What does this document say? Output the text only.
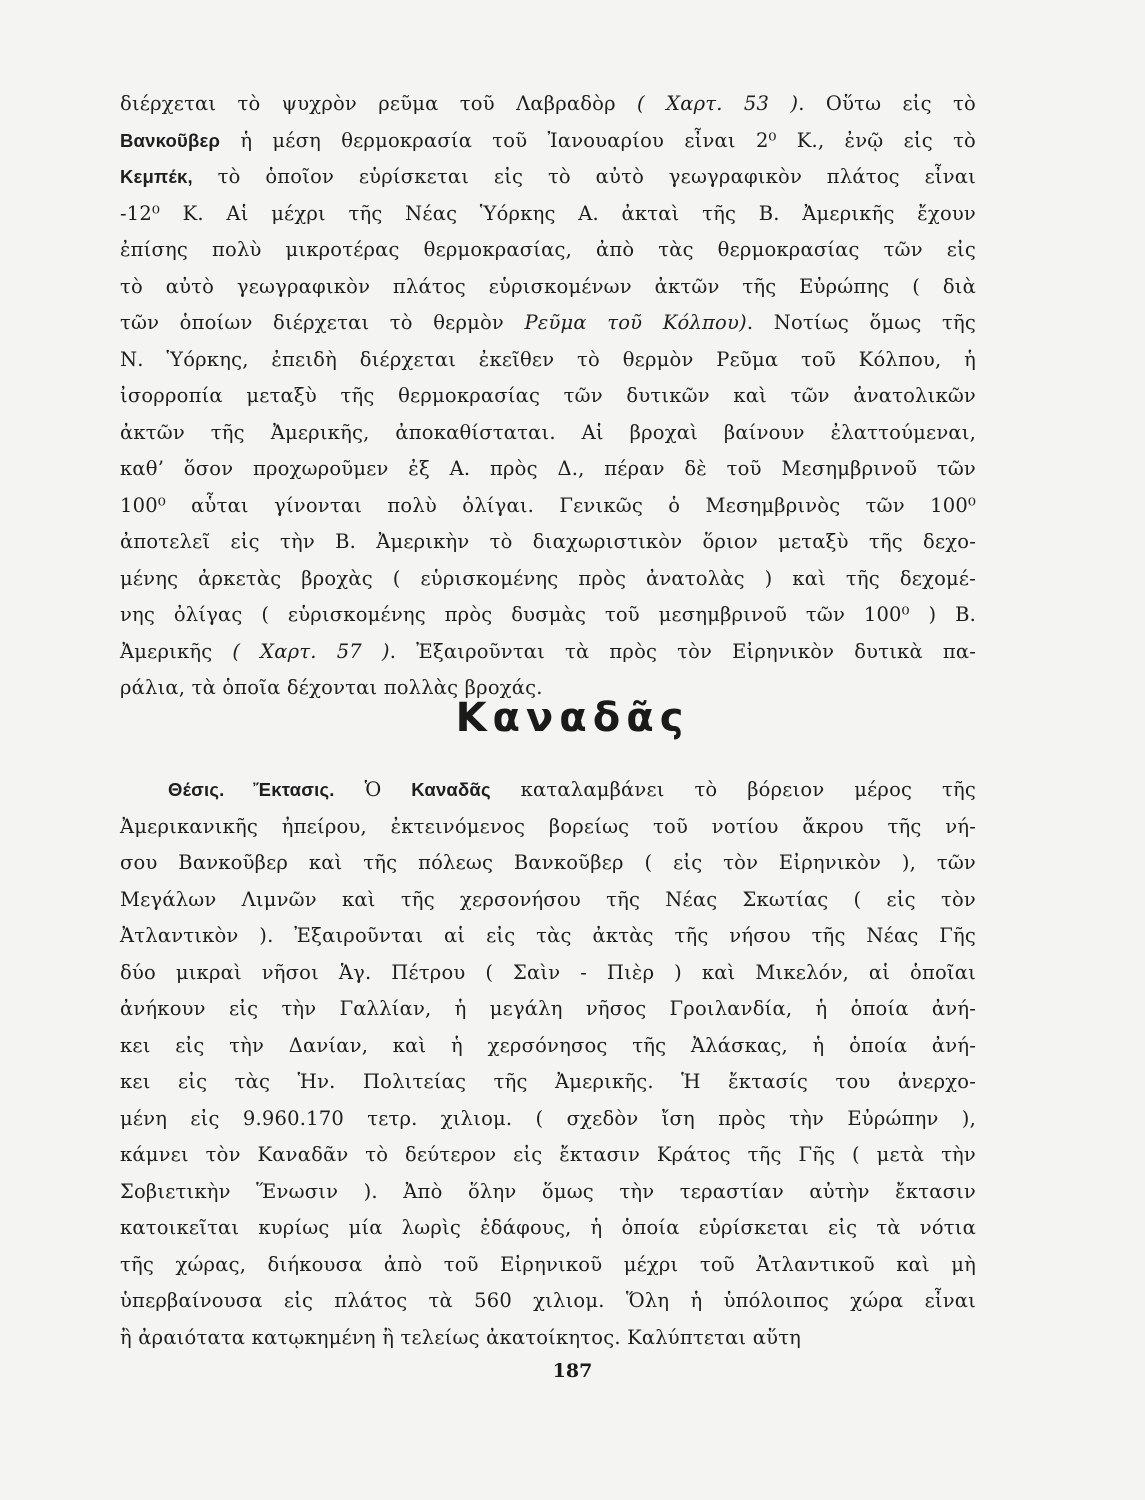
διέρχεται τὸ ψυχρὸν ρεῦμα τοῦ Λαβραδὸρ ( Χαρτ. 53 ). Οὕτω εἰς τὸ
Βανκοῦβερ ἡ μέση θερμοκρασία τοῦ Ἰανουαρίου εἶναι 2⁰ Κ., ἐνῷ εἰς τὸ
Κεμπέκ, τὸ ὁποῖον εὑρίσκεται εἰς τὸ αὐτὸ γεωγραφικὸν πλάτος εἶναι
-12⁰ Κ. Αἱ μέχρι τῆς Νέας Ὑόρκης Α. ἀκταὶ τῆς Β. Ἀμερικῆς ἔχουν
ἐπίσης πολὺ μικροτέρας θερμοκρασίας, ἀπὸ τὰς θερμοκρασίας τῶν εἰς
τὸ αὐτὸ γεωγραφικὸν πλάτος εὑρισκομένων ἀκτῶν τῆς Εὐρώπης ( διὰ
τῶν ὁποίων διέρχεται τὸ θερμὸν Ρεῦμα τοῦ Κόλπου). Νοτίως ὅμως τῆς
Ν. Ὑόρκης, ἐπειδὴ διέρχεται ἐκεῖθεν τὸ θερμὸν Ρεῦμα τοῦ Κόλπου, ἡ
ἰσορροπία μεταξὺ τῆς θερμοκρασίας τῶν δυτικῶν καὶ τῶν ἀνατολικῶν
ἀκτῶν τῆς Ἀμερικῆς, ἀποκαθίσταται. Αἱ βροχαὶ βαίνουν ἐλαττούμεναι,
καθ’ ὅσον προχωροῦμεν ἐξ Α. πρὸς Δ., πέραν δὲ τοῦ Μεσημβρινοῦ τῶν
100⁰ αὗται γίνονται πολὺ ὀλίγαι. Γενικῶς ὁ Μεσημβρινὸς τῶν 100⁰
ἀποτελεῖ εἰς τὴν Β. Ἀμερικὴν τὸ διαχωριστικὸν ὅριον μεταξὺ τῆς δεχο-
μένης ἀρκετὰς βροχὰς ( εὑρισκομένης πρὸς ἀνατολὰς ) καὶ τῆς δεχομέ-
νης ὀλίγας ( εὑρισκομένης πρὸς δυσμὰς τοῦ μεσημβρινοῦ τῶν 100⁰ ) Β.
Ἀμερικῆς ( Χαρτ. 57 ). Ἐξαιροῦνται τὰ πρὸς τὸν Εἰρηνικὸν δυτικὰ πα-
ράλια, τὰ ὁποῖα δέχονται πολλὰς βροχάς.
Καναδᾶς
Θέσις. Ἔκτασις. Ὁ Καναδᾶς καταλαμβάνει τὸ βόρειον μέρος τῆς
Ἀμερικανικῆς ἠπείρου, ἐκτεινόμενος βορείως τοῦ νοτίου ἄκρου τῆς νή-
σου Βανκοῦβερ καὶ τῆς πόλεως Βανκοῦβερ ( εἰς τὸν Εἰρηνικὸν ), τῶν
Μεγάλων Λιμνῶν καὶ τῆς χερσονήσου τῆς Νέας Σκωτίας ( εἰς τὸν
Ἀτλαντικὸν ). Ἐξαιροῦνται αἱ εἰς τὰς ἀκτὰς τῆς νήσου τῆς Νέας Γῆς
δύο μικραὶ νῆσοι Ἁγ. Πέτρου ( Σαὶν - Πιὲρ ) καὶ Μικελόν, αἱ ὁποῖαι
ἀνήκουν εἰς τὴν Γαλλίαν, ἡ μεγάλη νῆσος Γροιλανδία, ἡ ὁποία ἀνή-
κει εἰς τὴν Δανίαν, καὶ ἡ χερσόνησος τῆς Ἀλάσκας, ἡ ὁποία ἀνή-
κει εἰς τὰς Ἡν. Πολιτείας τῆς Ἀμερικῆς. Ἡ ἔκτασίς του ἀνερχο-
μένη εἰς 9.960.170 τετρ. χιλιομ. ( σχεδὸν ἴση πρὸς τὴν Εὐρώπην ),
κάμνει τὸν Καναδᾶν τὸ δεύτερον εἰς ἔκτασιν Κράτος τῆς Γῆς ( μετὰ τὴν
Σοβιετικὴν Ἕνωσιν ). Ἀπὸ ὅλην ὅμως τὴν τεραστίαν αὐτὴν ἔκτασιν
κατοικεῖται κυρίως μία λωρὶς ἐδάφους, ἡ ὁποία εὑρίσκεται εἰς τὰ νότια
τῆς χώρας, διήκουσα ἀπὸ τοῦ Εἰρηνικοῦ μέχρι τοῦ Ἀτλαντικοῦ καὶ μὴ
ὑπερβαίνουσα εἰς πλάτος τὰ 560 χιλιομ. Ὅλη ἡ ὑπόλοιπος χώρα εἶναι
ἢ ἀραιότατα κατῳκημένη ἢ τελείως ἀκατοίκητος. Καλύπτεται αὕτη
187
